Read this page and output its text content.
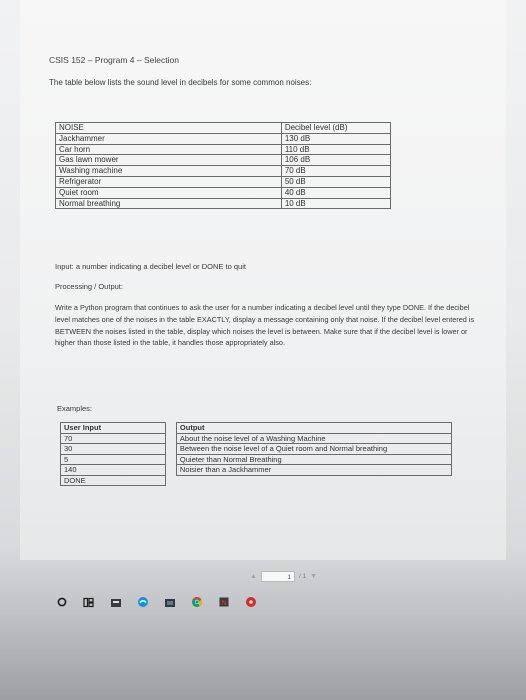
CSIS 152 – Program 4 – Selection
The table below lists the sound level in decibels for some common noises:
NOISE	Decibel level (dB)
Jackhammer	130 dB
Car horn	110 dB
Gas lawn mower	106 dB
Washing machine	70 dB
Refrigerator	50 dB
Quiet room	40 dB
Normal breathing	10 dB
Input: a number indicating a decibel level or DONE to quit
Processing / Output:
Write a Python program that continues to ask the user for a number indicating a decibel level until they type DONE. If the decibel level matches one of the noises in the table EXACTLY, display a message containing only that noise. If the decibel level entered is BETWEEN the noises listed in the table, display which noises the level is between. Make sure that if the decibel level is lower or higher than those listed in the table, it handles those appropriately also.
Examples:
User Input		Output
70		About the noise level of a Washing Machine
30		Between the noise level of a Quiet room and Normal breathing
5		Quieter than Normal Breathing
140		Noisier than a Jackhammer
DONE		
▲	1	/ 1 ▼
N
